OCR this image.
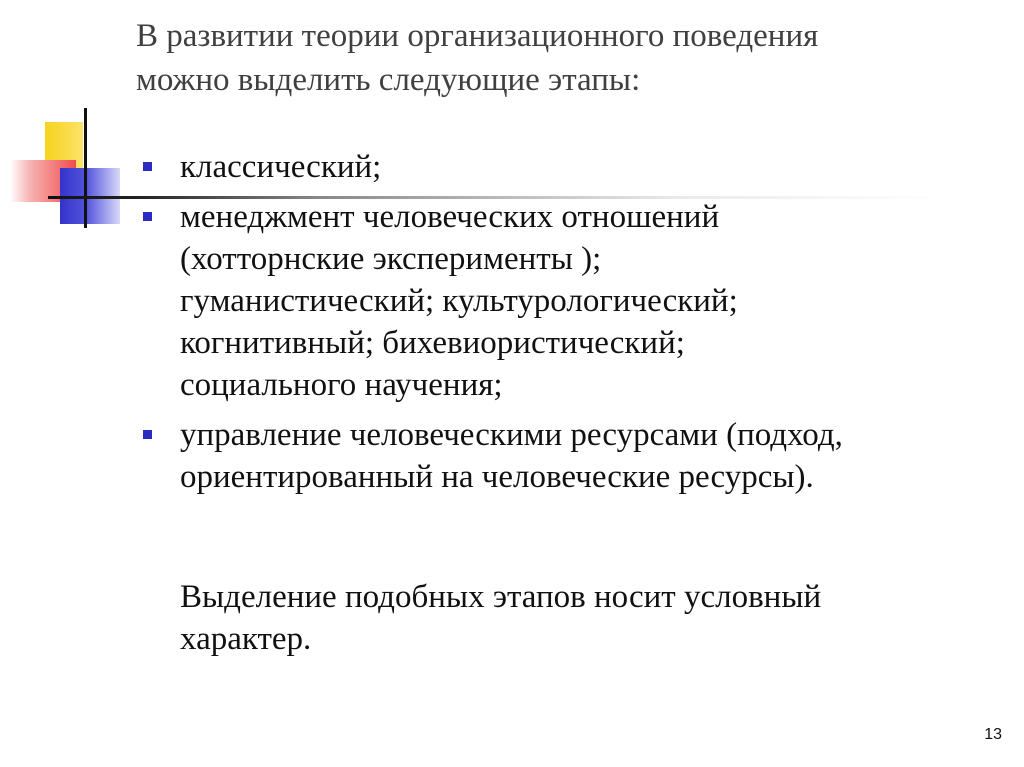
В развитии теории организационного поведения
можно выделить следующие этапы:
классический;
менеджмент человеческих отношений
(хотторнские эксперименты );
гуманистический; культурологический;
когнитивный; бихевиористический;
социального научения;
управление человеческими ресурсами (подход,
ориентированный на человеческие ресурсы).
Выделение подобных этапов носит условный
характер.
13
